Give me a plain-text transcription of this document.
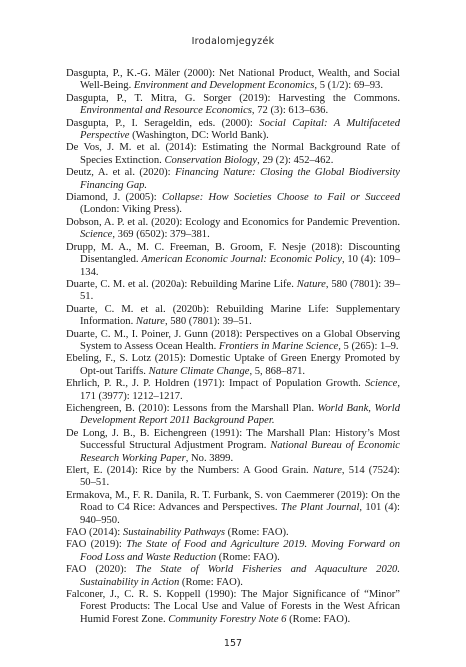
Irodalomjegyzék

Dasgupta, P., K.-G. Mäler (2000): Net National Product, Wealth, and Social Well-Being. Environment and Development Economics, 5 (1/2): 69–93.

Dasgupta, P., T. Mitra, G. Sorger (2019): Harvesting the Commons. Environmental and Resource Economics, 72 (3): 613–636.

Dasgupta, P., I. Serageldin, eds. (2000): Social Capital: A Multifaceted Perspective (Washington, DC: World Bank).

De Vos, J. M. et al. (2014): Estimating the Normal Background Rate of Species Extinction. Conservation Biology, 29 (2): 452–462.

Deutz, A. et al. (2020): Financing Nature: Closing the Global Biodiversity Financing Gap.

Diamond, J. (2005): Collapse: How Societies Choose to Fail or Succeed (London: Viking Press).

Dobson, A. P. et al. (2020): Ecology and Economics for Pandemic Prevention. Science, 369 (6502): 379–381.

Drupp, M. A., M. C. Freeman, B. Groom, F. Nesje (2018): Discounting Disentangled. American Economic Journal: Economic Policy, 10 (4): 109–134.

Duarte, C. M. et al. (2020a): Rebuilding Marine Life. Nature, 580 (7801): 39–51.

Duarte, C. M. et al. (2020b): Rebuilding Marine Life: Supplementary Information. Nature, 580 (7801): 39–51.

Duarte, C. M., I. Poiner, J. Gunn (2018): Perspectives on a Global Observing System to Assess Ocean Health. Frontiers in Marine Science, 5 (265): 1–9.

Ebeling, F., S. Lotz (2015): Domestic Uptake of Green Energy Promoted by Opt-out Tariffs. Nature Climate Change, 5, 868–871.

Ehrlich, P. R., J. P. Holdren (1971): Impact of Population Growth. Science, 171 (3977): 1212–1217.

Eichengreen, B. (2010): Lessons from the Marshall Plan. World Bank, World Development Report 2011 Background Paper.

De Long, J. B., B. Eichengreen (1991): The Marshall Plan: History’s Most Successful Structural Adjustment Program. National Bureau of Economic Research Working Paper, No. 3899.

Elert, E. (2014): Rice by the Numbers: A Good Grain. Nature, 514 (7524): 50–51.

Ermakova, M., F. R. Danila, R. T. Furbank, S. von Caemmerer (2019): On the Road to C4 Rice: Advances and Perspectives. The Plant Journal, 101 (4): 940–950.

FAO (2014): Sustainability Pathways (Rome: FAO).

FAO (2019): The State of Food and Agriculture 2019. Moving Forward on Food Loss and Waste Reduction (Rome: FAO).

FAO (2020): The State of World Fisheries and Aquaculture 2020. Sustainability in Action (Rome: FAO).

Falconer, J., C. R. S. Koppell (1990): The Major Significance of “Minor” Forest Products: The Local Use and Value of Forests in the West African Humid Forest Zone. Community Forestry Note 6 (Rome: FAO).

157
